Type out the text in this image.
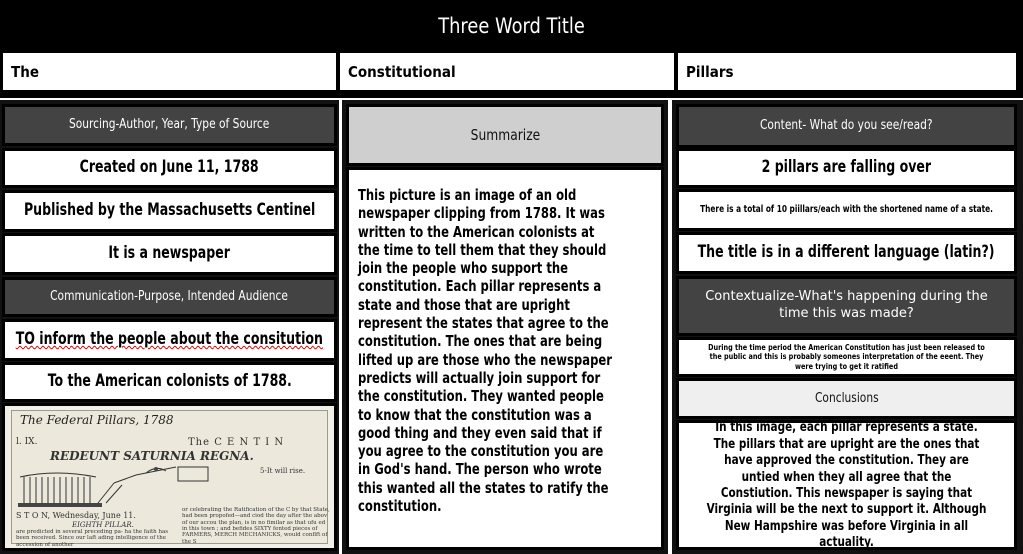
Three Word Title
The	Constitutional	Pillars
Sourcing-Author, Year, Type of Source
Created on June 11, 1788
Published by the Massachusetts Centinel
It is a newspaper
Communication-Purpose, Intended Audience
TO inform the people about the consitution
To the American colonists of 1788.
The Federal Pillars, 1788
l. IX.	The C E N T I N
REDEUNT SATURNIA REGNA.
5-It will rise.
S T O N, Wednesday, June 11.
EIGHTH PILLAR.
are predicted in several preceding pa- ha the faith has been received. Since our laft ading intelligence of the accession of another
or celebrating the Ratification of the C by that State, had been propofed—and ciod the day after the abov of our accou the plan, is in no fimilar as that ufu ed in this town ; and befides SIXTY fented pieces of FARMERS, MERCH MECHANICKS, would conflft of the S
Summarize
This picture is an image of an old newspaper clipping from 1788. It was written to the American colonists at the time to tell them that they should join the people who support the constitution. Each pillar represents a state and those that are upright represent the states that agree to the constitution. The ones that are being lifted up are those who the newspaper predicts will actually join support for the constitution. They wanted people to know that the constitution was a good thing and they even said that if you agree to the constitution you are in God's hand. The person who wrote this wanted all the states to ratify the constitution.
Content- What do you see/read?
2 pillars are falling over
There is a total of 10 piillars/each with the shortened name of a state.
The title is in a different language (latin?)
Contextualize-What's happening during the time this was made?
During the time period the American Constitution has just been released to the public and this is probably someones interpretation of the eeent. They were trying to get it ratified
Conclusions
In this image, each pillar represents a state. The pillars that are upright are the ones that have approved the constitution. They are untied when they all agree that the Constiution. This newspaper is saying that Virginia will be the next to support it. Although New Hampshire was before Virginia in all actuality.
